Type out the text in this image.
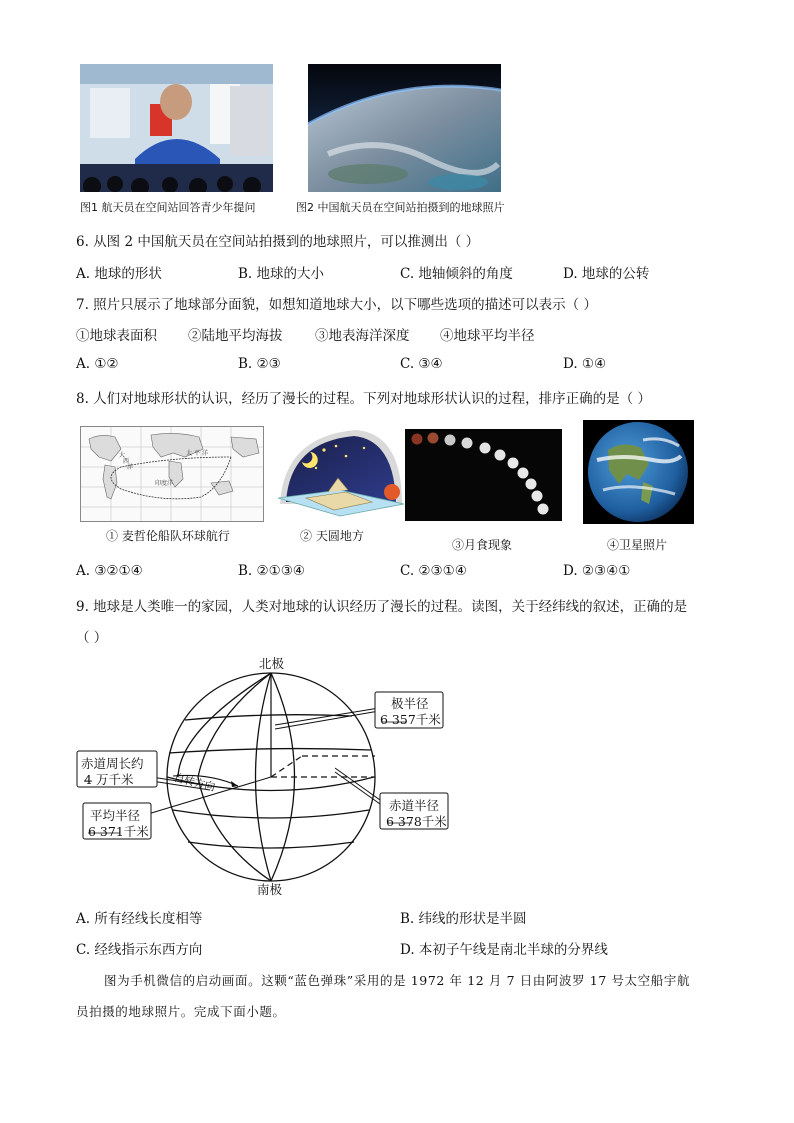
图1 航天员在空间站回答青少年提问	图2 中国航天员在空间站拍摄到的地球照片
6. 从图 2 中国航天员在空间站拍摄到的地球照片，可以推测出（ ）
A. 地球的形状	B. 地球的大小	C. 地轴倾斜的角度	D. 地球的公转
7. 照片只展示了地球部分面貌，如想知道地球大小，以下哪些选项的描述可以表示（ ）
①地球表面积 ②陆地平均海拔 ③地表海洋深度 ④地球平均半径
A. ①②	B. ②③	C. ③④	D. ①④
8. 人们对地球形状的认识，经历了漫长的过程。下列对地球形状认识的过程，排序正确的是（ ）
太 平 洋
大
西
洋
印度洋
① 麦哲伦船队环球航行	② 天圆地方
③月食现象	④卫星照片
A. ③②①④	B. ②①③④	C. ②③①④	D. ②③④①
9. 地球是人类唯一的家园，人类对地球的认识经历了漫长的过程。读图，关于经纬线的叙述，正确的是
（ ）
北极
南极
极半径
6 357千米
赤道周长约
4 万千米	自转方向
平均半径
6 371千米
赤道半径
6 378千米
A. 所有经线长度相等	B. 纬线的形状是半圆
C. 经线指示东西方向	D. 本初子午线是南北半球的分界线
图为手机微信的启动画面。这颗“蓝色弹珠”采用的是 1972 年 12 月 7 日由阿波罗 17 号太空船宇航
员拍摄的地球照片。完成下面小题。
